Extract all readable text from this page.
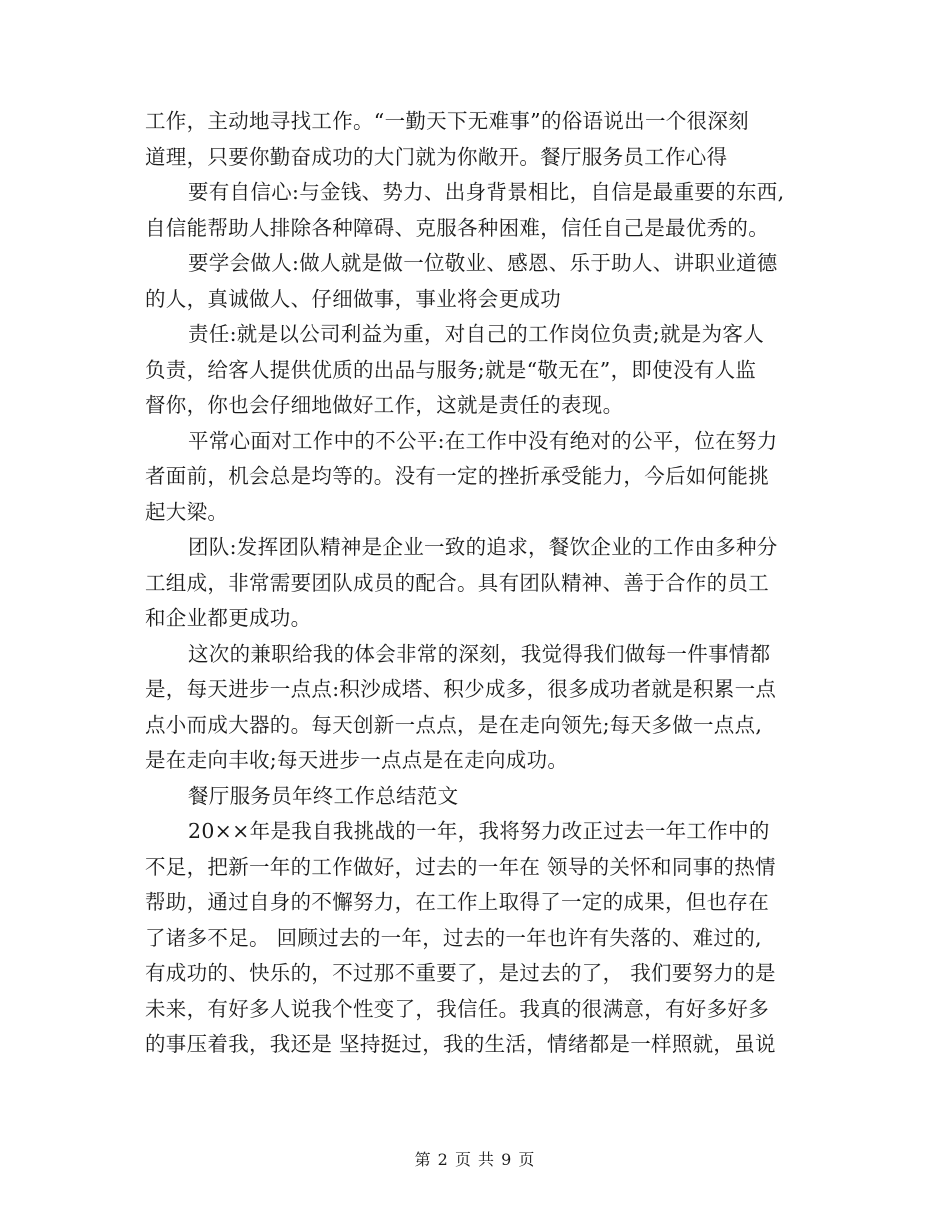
工作，主动地寻找工作。“一勤天下无难事”的俗语说出一个很深刻
道理，只要你勤奋成功的大门就为你敞开。餐厅服务员工作心得
要有自信心:与金钱、势力、出身背景相比，自信是最重要的东西,
自信能帮助人排除各种障碍、克服各种困难，信任自己是最优秀的。
要学会做人:做人就是做一位敬业、感恩、乐于助人、讲职业道德
的人，真诚做人、仔细做事，事业将会更成功
责任:就是以公司利益为重，对自己的工作岗位负责;就是为客人
负责，给客人提供优质的出品与服务;就是“敬无在”，即使没有人监
督你，你也会仔细地做好工作，这就是责任的表现。
平常心面对工作中的不公平:在工作中没有绝对的公平，位在努力
者面前，机会总是均等的。没有一定的挫折承受能力，今后如何能挑
起大梁。
团队:发挥团队精神是企业一致的追求，餐饮企业的工作由多种分
工组成，非常需要团队成员的配合。具有团队精神、善于合作的员工
和企业都更成功。
这次的兼职给我的体会非常的深刻，我觉得我们做每一件事情都
是，每天进步一点点:积沙成塔、积少成多，很多成功者就是积累一点
点小而成大器的。每天创新一点点，是在走向领先;每天多做一点点,
是在走向丰收;每天进步一点点是在走向成功。
餐厅服务员年终工作总结范文
20××年是我自我挑战的一年，我将努力改正过去一年工作中的
不足，把新一年的工作做好，过去的一年在 领导的关怀和同事的热情
帮助，通过自身的不懈努力，在工作上取得了一定的成果，但也存在
了诸多不足。 回顾过去的一年，过去的一年也许有失落的、难过的,
有成功的、快乐的，不过那不重要了，是过去的了， 我们要努力的是
未来，有好多人说我个性变了，我信任。我真的很满意，有好多好多
的事压着我，我还是 坚持挺过，我的生活，情绪都是一样照就，虽说
第 2 页 共 9 页
